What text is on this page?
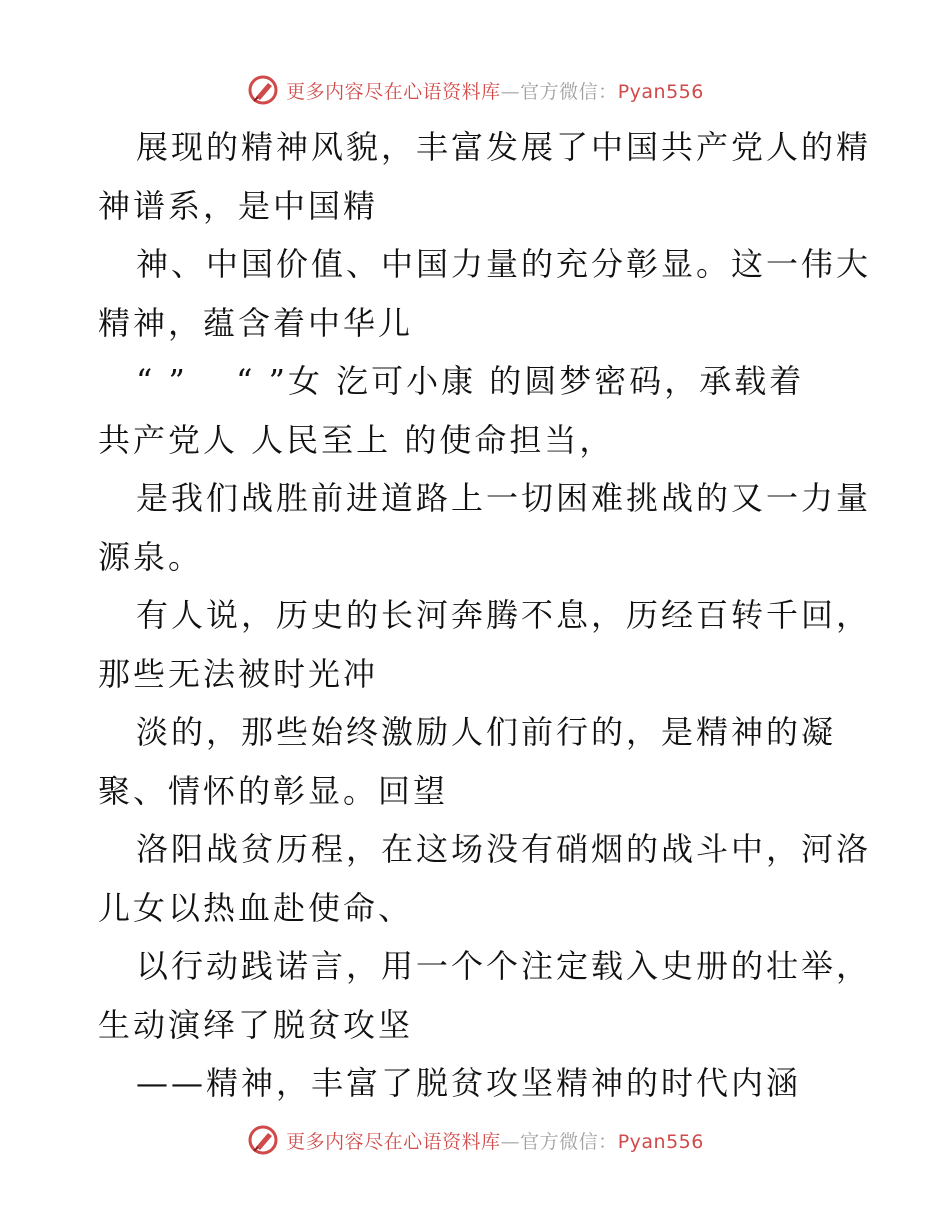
更多内容尽在心语资料库—官方微信：Pyan556
展现的精神风貌，丰富发展了中国共产党人的精
神谱系，是中国精
神、中国价值、中国力量的充分彰显。这一伟大
精神，蕴含着中华儿
“ ”　 “ ”女 汔可小康 的圆梦密码，承载着
共产党人 人民至上 的使命担当，
是我们战胜前进道路上一切困难挑战的又一力量
源泉。
有人说，历史的长河奔腾不息，历经百转千回，
那些无法被时光冲
淡的，那些始终激励人们前行的，是精神的凝
聚、情怀的彰显。回望
洛阳战贫历程，在这场没有硝烟的战斗中，河洛
儿女以热血赴使命、
以行动践诺言，用一个个注定载入史册的壮举，
生动演绎了脱贫攻坚
——精神，丰富了脱贫攻坚精神的时代内涵
更多内容尽在心语资料库—官方微信：Pyan556
